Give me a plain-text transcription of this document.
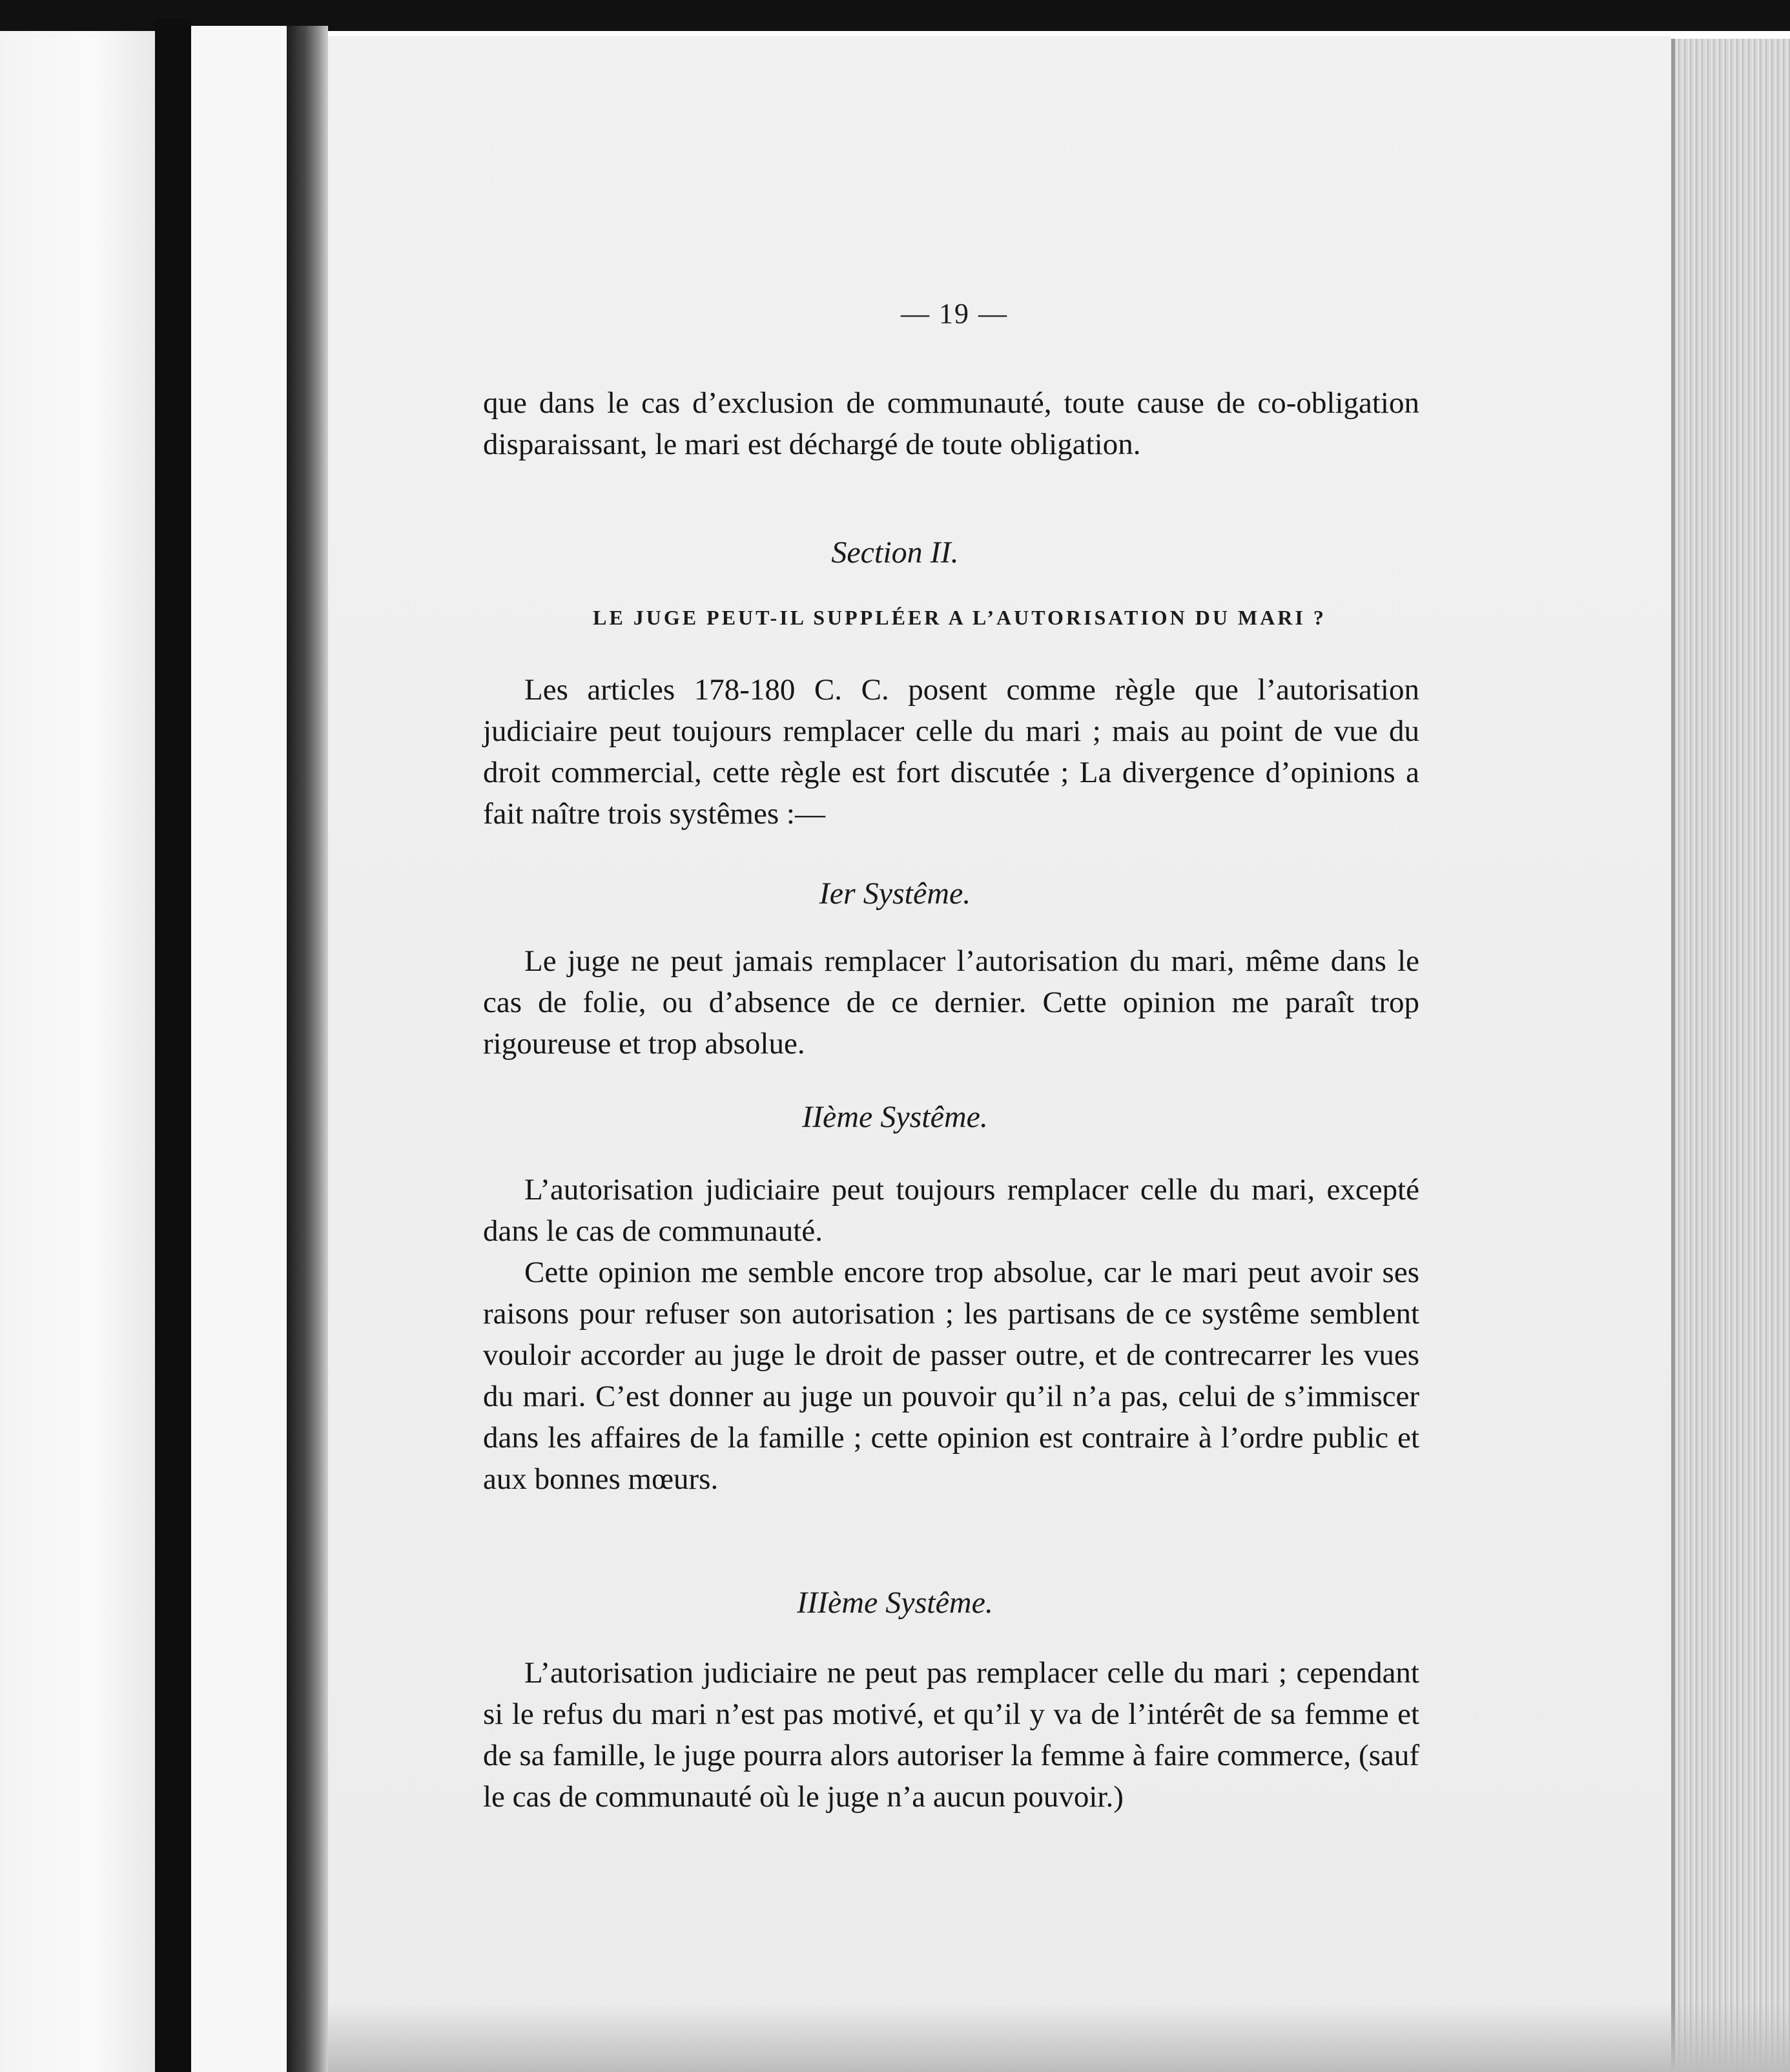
— 19 —

que dans le cas d’exclusion de communauté, toute cause de co-obligation disparaissant, le mari est déchargé de toute obligation.

Section II.
LE JUGE PEUT-IL SUPPLÉER A L’AUTORISATION DU MARI ?

Les articles 178-180 C. C. posent comme règle que l’autorisation judiciaire peut toujours remplacer celle du mari ; mais au point de vue du droit commercial, cette règle est fort discutée ; La divergence d’opinions a fait naître trois systêmes :—

Ier Systême.

Le juge ne peut jamais remplacer l’autorisation du mari, même dans le cas de folie, ou d’absence de ce dernier. Cette opinion me paraît trop rigoureuse et trop absolue.

IIème Systême.

L’autorisation judiciaire peut toujours remplacer celle du mari, excepté dans le cas de communauté.

Cette opinion me semble encore trop absolue, car le mari peut avoir ses raisons pour refuser son autorisation ; les partisans de ce systême semblent vouloir accorder au juge le droit de passer outre, et de contrecarrer les vues du mari. C’est donner au juge un pouvoir qu’il n’a pas, celui de s’immiscer dans les affaires de la famille ; cette opinion est contraire à l’ordre public et aux bonnes mœurs.

IIIème Systême.

L’autorisation judiciaire ne peut pas remplacer celle du mari ; cependant si le refus du mari n’est pas motivé, et qu’il y va de l’intérêt de sa femme et de sa famille, le juge pourra alors autoriser la femme à faire commerce, (sauf le cas de communauté où le juge n’a aucun pouvoir.)
